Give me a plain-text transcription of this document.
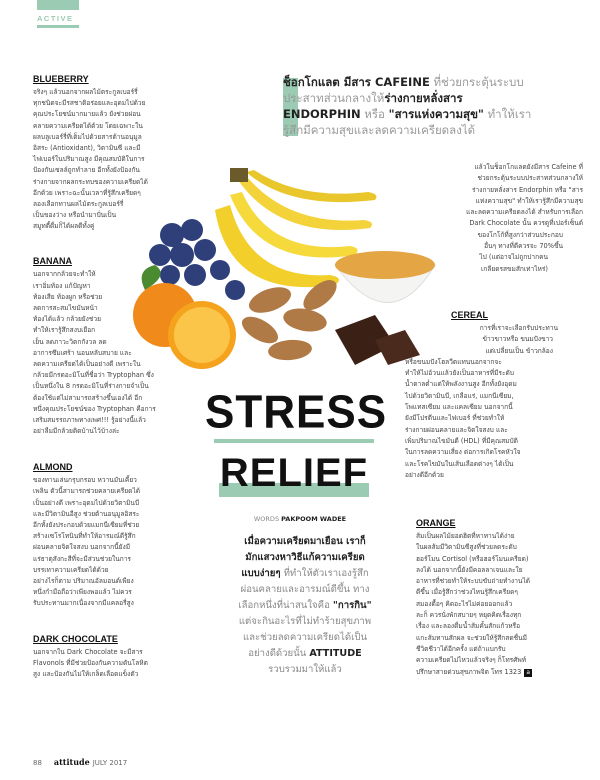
ACTIVE
ช็อกโกแลต มีสาร CAFEINE ที่ช่วยกระตุ้นระบบ
ประสาทส่วนกลางให้ร่างกายหลั่งสาร
ENDORPHIN หรือ "สารแห่งความสุข" ทำให้เรา
รู้สึกมีความสุขและลดความเครียดลงได้
STRESS
RELIEF
WORDS PAKPOOM WADEE
เมื่อความเครียดมาเยือน เราก็
มักแสวงหาวิธีแก้ความเครียด
แบบง่ายๆ ที่ทำให้ตัวเราเองรู้สึก
ผ่อนคลายและอารมณ์ดีขึ้น ทาง
เลือกหนึ่งที่น่าสนใจคือ "การกิน"
แต่จะกินอะไรที่ไม่ทำร้ายสุขภาพ
และช่วยลดความเครียดได้เป็น
อย่างดีด้วยนั้น ATTITUDE
รวบรวมมาให้แล้ว
BLUEBERRY
จริงๆ แล้วนอกจากผลไม้ตระกูลเบอร์รี่
ทุกชนิดจะมีรสชาติอร่อยและอุดมไปด้วย
คุณประโยชน์มากมายแล้ว ยังช่วยผ่อน
คลายความเครียดได้ด้วย โดยเฉพาะใน
ผลบลูเบอร์รี่ที่เต็มไปด้วยสารต้านอนุมูล
อิสระ (Antioxidant), วิตามินซี และมี
ไฟเบอร์ในปริมาณสูง มีคุณสมบัติในการ
ป้องกันเซลล์ถูกทำลาย อีกทั้งยังป้องกัน
ร่างกายจากผลกระทบของความเครียดได้
อีกด้วย เพราะฉะนั้นเวลาที่รู้สึกเครียดๆ
ลองเลือกทานผลไม้ตระกูลเบอร์รี่
เป็นของว่าง หรือนำมาปั่นเป็น
สมูทตี้ดื่มก็ได้ผลดีทั้งคู่
BANANA
นอกจากกล้วยจะทำให้
เราอิ่มท้อง แก้ปัญหา
ท้องเสีย ท้องผูก หรือช่วย
ลดการสะสมไขมันหน้า
ท้องได้แล้ว กล้วยยังช่วย
ทำให้เรารู้สึกสงบเยือก
เย็น ลดภาวะวิตกกังวล ลด
อาการซึมเศร้า นอนหลับสบาย และ
ลดความเครียดได้เป็นอย่างดี เพราะใน
กล้วยมีกรดอะมิโนที่ชื่อว่า Tryptophan ซึ่ง
เป็นหนึ่งใน 8 กรดอะมิโนที่ร่างกายจำเป็น
ต้องใช้แต่ไม่สามารถสร้างขึ้นเองได้ อีก
หนึ่งคุณประโยชน์ของ Tryptophan คือการ
เสริมสมรรถภาพทางเพศ!!! รู้อย่างนี้แล้ว
อย่าลืมมีกล้วยติดบ้านไว้บ้างล่ะ
ALMOND
ของทานเล่นกรุบกรอบ หวานมันเคี้ยว
เพลิน ตัวนี้สามารถช่วยคลายเครียดได้
เป็นอย่างดี เพราะอุดมไปด้วยวิตามินบี
และมีวิตามินอีสูง ช่วยต้านอนุมูลอิสระ
อีกทั้งยังประกอบด้วยแมกนีเซียมที่ช่วย
สร้างเซโรโทนินที่ทำให้อารมณ์ดีรู้สึก
ผ่อนคลายจิตใจสงบ นอกจากนี้ยังมี
แร่ธาตุสังกะสีที่จะมีส่วนช่วยในการ
บรรเทาความเครียดได้ด้วย
อย่างไรก็ตาม ปริมาณอัลมอนด์เพียง
หนึ่งกำมือถือว่าเพียงพอแล้ว ไม่ควร
รับประทานมากเนื่องจากมีแคลอรี่สูง
DARK CHOCOLATE
นอกจากใน Dark Chocolate จะมีสาร
Flavonols ที่มีช่วยป้องกันความดันโลหิต
สูง และป้องกันไม่ให้เกล็ดเลือดแข็งตัว
แล้วในช็อกโกแลตยังมีสาร Cafeine ที่
ช่วยกระตุ้นระบบประสาทส่วนกลางให้
ร่างกายหลั่งสาร Endorphin หรือ "สาร
แห่งความสุข" ทำให้เรารู้สึกมีความสุข
และลดความเครียดลงได้ สำหรับการเลือก
Dark Chocolate นั้น ควรดูที่เปอร์เซ็นต์
ของโกโก้ที่สูงกว่าส่วนประกอบ
อื่นๆ ทางที่ดีควรจะ 70%ขึ้น
ไป (แต่อาจไม่ถูกปากคน
เกลียดรสขมสักเท่าไหร่)
CEREAL
การที่เราจะเลือกรับประทาน
ข้าวขาวหรือ ขนมปังขาว
แต่เปลี่ยนเป็น ข้าวกล้อง
หรือขนมปังโฮลวีตแทนนอกจากจะ
ทำให้ไม่อ้วนแล้วยังเป็นอาหารที่มีระดับ
น้ำตาลต่ำแต่ให้พลังงานสูง อีกทั้งยังอุดม
ไปด้วยวิตามินบี, เกลือแร่, แมกนีเซียม,
โพแทสเซียม และแคลเซียม นอกจากนี้
ยังมีโปรตีนและไฟเบอร์ ที่ช่วยทำให้
ร่างกายผ่อนคลายและจิตใจสงบ และ
เพิ่มปริมาณไขมันดี (HDL) ที่มีคุณสมบัติ
ในการลดความเสี่ยง ต่อการเกิดโรคหัวใจ
และโรคไขมันในเส้นเลือดต่างๆ ได้เป็น
อย่างดีอีกด้วย
ORANGE
ส้มเป็นผลไม้ยอดฮิตที่หาทานได้ง่าย
ในผลส้มมีวิตามินซีสูงที่ช่วยลดระดับ
ฮอร์โมน Cortisol (หรือฮอร์โมนเครียด)
ลงได้ นอกจากนี้ยังมีคอลลาเจนและใย
อาหารที่ช่วยทำให้ระบบขับถ่ายทำงานได้
ดีขึ้น เมื่อรู้สึกว่าช่วงไหนรู้สึกเครียดๆ
สมองตื้อๆ คิดอะไรไม่ค่อยออกแล้ว
ละก็ ควรนั่งพักสบายๆ หยุดคิดเรื่องทุก
เรื่อง และลองดื่มน้ำส้มคั้นสักแก้วหรือ
แกะส้มทานสักผล จะช่วยให้รู้สึกสดชื่นมี
ชีวิตชีวาได้อีกครั้ง แต่ถ้าแบกรับ
ความเครียดไม่ไหวแล้วจริงๆ ก็โทรศัพท์
ปรึกษาสายด่วนสุขภาพจิต โทร 1323 a
88 attitude JULY 2017
